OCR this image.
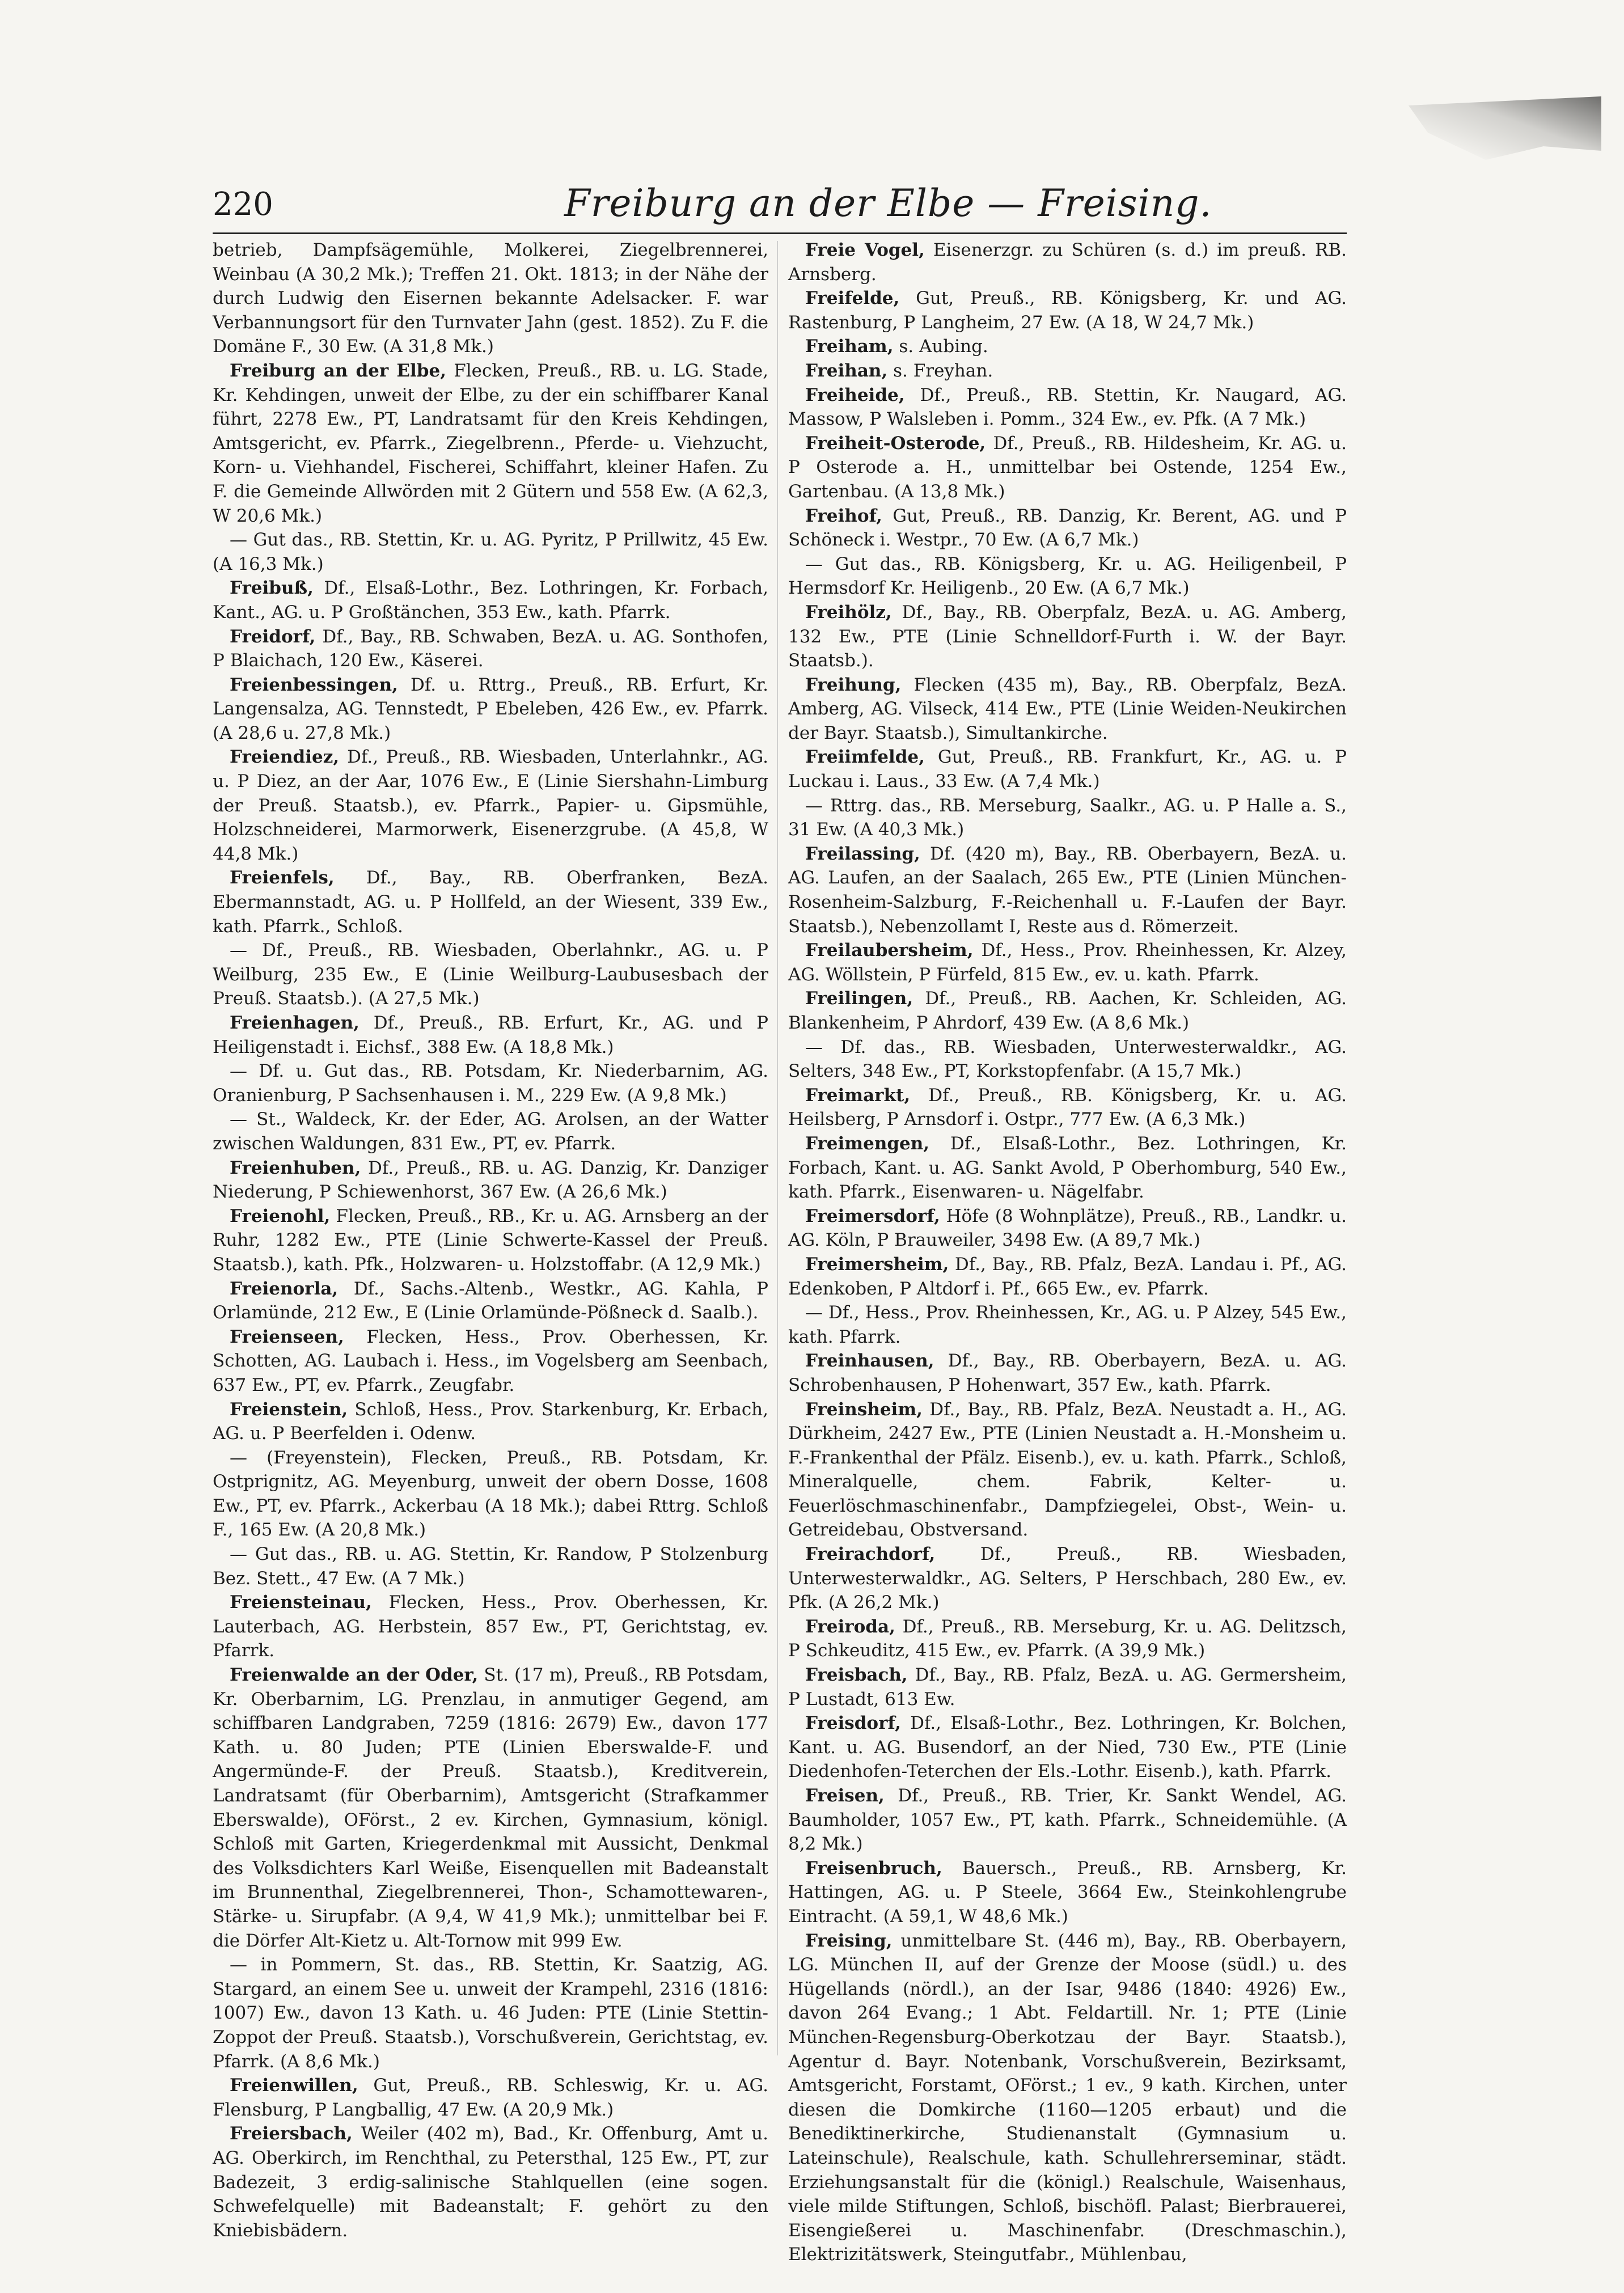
220	Freiburg an der Elbe — Freising.

betrieb, Dampfsägemühle, Molkerei, Ziegelbrennerei, Weinbau (A 30,2 Mk.); Treffen 21. Okt. 1813; in der Nähe der durch Ludwig den Eisernen bekannte Adelsacker. F. war Verbannungsort für den Turnvater Jahn (gest. 1852). Zu F. die Domäne F., 30 Ew. (A 31,8 Mk.)

Freiburg an der Elbe, Flecken, Preuß., RB. u. LG. Stade, Kr. Kehdingen, unweit der Elbe, zu der ein schiffbarer Kanal führt, 2278 Ew., PT, Landratsamt für den Kreis Kehdingen, Amtsgericht, ev. Pfarrk., Ziegelbrenn., Pferde- u. Viehzucht, Korn- u. Viehhandel, Fischerei, Schiffahrt, kleiner Hafen. Zu F. die Gemeinde Allwörden mit 2 Gütern und 558 Ew. (A 62,3, W 20,6 Mk.)

— Gut das., RB. Stettin, Kr. u. AG. Pyritz, P Prillwitz, 45 Ew. (A 16,3 Mk.)

Freibuß, Df., Elsaß-Lothr., Bez. Lothringen, Kr. Forbach, Kant., AG. u. P Großtänchen, 353 Ew., kath. Pfarrk.

Freidorf, Df., Bay., RB. Schwaben, BezA. u. AG. Sonthofen, P Blaichach, 120 Ew., Käserei.

Freienbessingen, Df. u. Rttrg., Preuß., RB. Erfurt, Kr. Langensalza, AG. Tennstedt, P Ebeleben, 426 Ew., ev. Pfarrk. (A 28,6 u. 27,8 Mk.)

Freiendiez, Df., Preuß., RB. Wiesbaden, Unterlahnkr., AG. u. P Diez, an der Aar, 1076 Ew., E (Linie Siershahn-Limburg der Preuß. Staatsb.), ev. Pfarrk., Papier- u. Gipsmühle, Holzschneiderei, Marmorwerk, Eisenerzgrube. (A 45,8, W 44,8 Mk.)

Freienfels, Df., Bay., RB. Oberfranken, BezA. Ebermannstadt, AG. u. P Hollfeld, an der Wiesent, 339 Ew., kath. Pfarrk., Schloß.

— Df., Preuß., RB. Wiesbaden, Oberlahnkr., AG. u. P Weilburg, 235 Ew., E (Linie Weilburg-Laubusesbach der Preuß. Staatsb.). (A 27,5 Mk.)

Freienhagen, Df., Preuß., RB. Erfurt, Kr., AG. und P Heiligenstadt i. Eichsf., 388 Ew. (A 18,8 Mk.)

— Df. u. Gut das., RB. Potsdam, Kr. Niederbarnim, AG. Oranienburg, P Sachsenhausen i. M., 229 Ew. (A 9,8 Mk.)

— St., Waldeck, Kr. der Eder, AG. Arolsen, an der Watter zwischen Waldungen, 831 Ew., PT, ev. Pfarrk.

Freienhuben, Df., Preuß., RB. u. AG. Danzig, Kr. Danziger Niederung, P Schiewenhorst, 367 Ew. (A 26,6 Mk.)

Freienohl, Flecken, Preuß., RB., Kr. u. AG. Arnsberg an der Ruhr, 1282 Ew., PTE (Linie Schwerte-Kassel der Preuß. Staatsb.), kath. Pfk., Holzwaren- u. Holzstoffabr. (A 12,9 Mk.)

Freienorla, Df., Sachs.-Altenb., Westkr., AG. Kahla, P Orlamünde, 212 Ew., E (Linie Orlamünde-Pößneck d. Saalb.).

Freienseen, Flecken, Hess., Prov. Oberhessen, Kr. Schotten, AG. Laubach i. Hess., im Vogelsberg am Seenbach, 637 Ew., PT, ev. Pfarrk., Zeugfabr.

Freienstein, Schloß, Hess., Prov. Starkenburg, Kr. Erbach, AG. u. P Beerfelden i. Odenw.

— (Freyenstein), Flecken, Preuß., RB. Potsdam, Kr. Ostprignitz, AG. Meyenburg, unweit der obern Dosse, 1608 Ew., PT, ev. Pfarrk., Ackerbau (A 18 Mk.); dabei Rttrg. Schloß F., 165 Ew. (A 20,8 Mk.)

— Gut das., RB. u. AG. Stettin, Kr. Randow, P Stolzenburg Bez. Stett., 47 Ew. (A 7 Mk.)

Freiensteinau, Flecken, Hess., Prov. Oberhessen, Kr. Lauterbach, AG. Herbstein, 857 Ew., PT, Gerichtstag, ev. Pfarrk.

Freienwalde an der Oder, St. (17 m), Preuß., RB Potsdam, Kr. Oberbarnim, LG. Prenzlau, in anmutiger Gegend, am schiffbaren Landgraben, 7259 (1816: 2679) Ew., davon 177 Kath. u. 80 Juden; PTE (Linien Eberswalde-F. und Angermünde-F. der Preuß. Staatsb.), Kreditverein, Landratsamt (für Oberbarnim), Amtsgericht (Strafkammer Eberswalde), OFörst., 2 ev. Kirchen, Gymnasium, königl. Schloß mit Garten, Kriegerdenkmal mit Aussicht, Denkmal des Volksdichters Karl Weiße, Eisenquellen mit Badeanstalt im Brunnenthal, Ziegelbrennerei, Thon-, Schamottewaren-, Stärke- u. Sirupfabr. (A 9,4, W 41,9 Mk.); unmittelbar bei F. die Dörfer Alt-Kietz u. Alt-Tornow mit 999 Ew.

— in Pommern, St. das., RB. Stettin, Kr. Saatzig, AG. Stargard, an einem See u. unweit der Krampehl, 2316 (1816: 1007) Ew., davon 13 Kath. u. 46 Juden: PTE (Linie Stettin-Zoppot der Preuß. Staatsb.), Vorschußverein, Gerichtstag, ev. Pfarrk. (A 8,6 Mk.)

Freienwillen, Gut, Preuß., RB. Schleswig, Kr. u. AG. Flensburg, P Langballig, 47 Ew. (A 20,9 Mk.)

Freiersbach, Weiler (402 m), Bad., Kr. Offenburg, Amt u. AG. Oberkirch, im Renchthal, zu Petersthal, 125 Ew., PT, zur Badezeit, 3 erdig-salinische Stahlquellen (eine sogen. Schwefelquelle) mit Badeanstalt; F. gehört zu den Kniebisbädern.

Freie Vogel, Eisenerzgr. zu Schüren (s. d.) im preuß. RB. Arnsberg.

Freifelde, Gut, Preuß., RB. Königsberg, Kr. und AG. Rastenburg, P Langheim, 27 Ew. (A 18, W 24,7 Mk.)

Freiham, s. Aubing.

Freihan, s. Freyhan.

Freiheide, Df., Preuß., RB. Stettin, Kr. Naugard, AG. Massow, P Walsleben i. Pomm., 324 Ew., ev. Pfk. (A 7 Mk.)

Freiheit-Osterode, Df., Preuß., RB. Hildesheim, Kr. AG. u. P Osterode a. H., unmittelbar bei Ostende, 1254 Ew., Gartenbau. (A 13,8 Mk.)

Freihof, Gut, Preuß., RB. Danzig, Kr. Berent, AG. und P Schöneck i. Westpr., 70 Ew. (A 6,7 Mk.)

— Gut das., RB. Königsberg, Kr. u. AG. Heiligenbeil, P Hermsdorf Kr. Heiligenb., 20 Ew. (A 6,7 Mk.)

Freihölz, Df., Bay., RB. Oberpfalz, BezA. u. AG. Amberg, 132 Ew., PTE (Linie Schnelldorf-Furth i. W. der Bayr. Staatsb.).

Freihung, Flecken (435 m), Bay., RB. Oberpfalz, BezA. Amberg, AG. Vilseck, 414 Ew., PTE (Linie Weiden-Neukirchen der Bayr. Staatsb.), Simultankirche.

Freiimfelde, Gut, Preuß., RB. Frankfurt, Kr., AG. u. P Luckau i. Laus., 33 Ew. (A 7,4 Mk.)

— Rttrg. das., RB. Merseburg, Saalkr., AG. u. P Halle a. S., 31 Ew. (A 40,3 Mk.)

Freilassing, Df. (420 m), Bay., RB. Oberbayern, BezA. u. AG. Laufen, an der Saalach, 265 Ew., PTE (Linien München-Rosenheim-Salzburg, F.-Reichenhall u. F.-Laufen der Bayr. Staatsb.), Nebenzollamt I, Reste aus d. Römerzeit.

Freilaubersheim, Df., Hess., Prov. Rheinhessen, Kr. Alzey, AG. Wöllstein, P Fürfeld, 815 Ew., ev. u. kath. Pfarrk.

Freilingen, Df., Preuß., RB. Aachen, Kr. Schleiden, AG. Blankenheim, P Ahrdorf, 439 Ew. (A 8,6 Mk.)

— Df. das., RB. Wiesbaden, Unterwesterwaldkr., AG. Selters, 348 Ew., PT, Korkstopfenfabr. (A 15,7 Mk.)

Freimarkt, Df., Preuß., RB. Königsberg, Kr. u. AG. Heilsberg, P Arnsdorf i. Ostpr., 777 Ew. (A 6,3 Mk.)

Freimengen, Df., Elsaß-Lothr., Bez. Lothringen, Kr. Forbach, Kant. u. AG. Sankt Avold, P Oberhomburg, 540 Ew., kath. Pfarrk., Eisenwaren- u. Nägelfabr.

Freimersdorf, Höfe (8 Wohnplätze), Preuß., RB., Landkr. u. AG. Köln, P Brauweiler, 3498 Ew. (A 89,7 Mk.)

Freimersheim, Df., Bay., RB. Pfalz, BezA. Landau i. Pf., AG. Edenkoben, P Altdorf i. Pf., 665 Ew., ev. Pfarrk.

— Df., Hess., Prov. Rheinhessen, Kr., AG. u. P Alzey, 545 Ew., kath. Pfarrk.

Freinhausen, Df., Bay., RB. Oberbayern, BezA. u. AG. Schrobenhausen, P Hohenwart, 357 Ew., kath. Pfarrk.

Freinsheim, Df., Bay., RB. Pfalz, BezA. Neustadt a. H., AG. Dürkheim, 2427 Ew., PTE (Linien Neustadt a. H.-Monsheim u. F.-Frankenthal der Pfälz. Eisenb.), ev. u. kath. Pfarrk., Schloß, Mineralquelle, chem. Fabrik, Kelter- u. Feuerlöschmaschinenfabr., Dampfziegelei, Obst-, Wein- u. Getreidebau, Obstversand.

Freirachdorf, Df., Preuß., RB. Wiesbaden, Unterwesterwaldkr., AG. Selters, P Herschbach, 280 Ew., ev. Pfk. (A 26,2 Mk.)

Freiroda, Df., Preuß., RB. Merseburg, Kr. u. AG. Delitzsch, P Schkeuditz, 415 Ew., ev. Pfarrk. (A 39,9 Mk.)

Freisbach, Df., Bay., RB. Pfalz, BezA. u. AG. Germersheim, P Lustadt, 613 Ew.

Freisdorf, Df., Elsaß-Lothr., Bez. Lothringen, Kr. Bolchen, Kant. u. AG. Busendorf, an der Nied, 730 Ew., PTE (Linie Diedenhofen-Teterchen der Els.-Lothr. Eisenb.), kath. Pfarrk.

Freisen, Df., Preuß., RB. Trier, Kr. Sankt Wendel, AG. Baumholder, 1057 Ew., PT, kath. Pfarrk., Schneidemühle. (A 8,2 Mk.)

Freisenbruch, Bauersch., Preuß., RB. Arnsberg, Kr. Hattingen, AG. u. P Steele, 3664 Ew., Steinkohlengrube Eintracht. (A 59,1, W 48,6 Mk.)

Freising, unmittelbare St. (446 m), Bay., RB. Oberbayern, LG. München II, auf der Grenze der Moose (südl.) u. des Hügellands (nördl.), an der Isar, 9486 (1840: 4926) Ew., davon 264 Evang.; 1 Abt. Feldartill. Nr. 1; PTE (Linie München-Regensburg-Oberkotzau der Bayr. Staatsb.), Agentur d. Bayr. Notenbank, Vorschußverein, Bezirksamt, Amtsgericht, Forstamt, OFörst.; 1 ev., 9 kath. Kirchen, unter diesen die Domkirche (1160—1205 erbaut) und die Benediktinerkirche, Studienanstalt (Gymnasium u. Lateinschule), Realschule, kath. Schullehrerseminar, städt. Erziehungsanstalt für die (königl.) Realschule, Waisenhaus, viele milde Stiftungen, Schloß, bischöfl. Palast; Bierbrauerei, Eisengießerei u. Maschinenfabr. (Dreschmaschin.), Elektrizitätswerk, Steingutfabr., Mühlenbau,
